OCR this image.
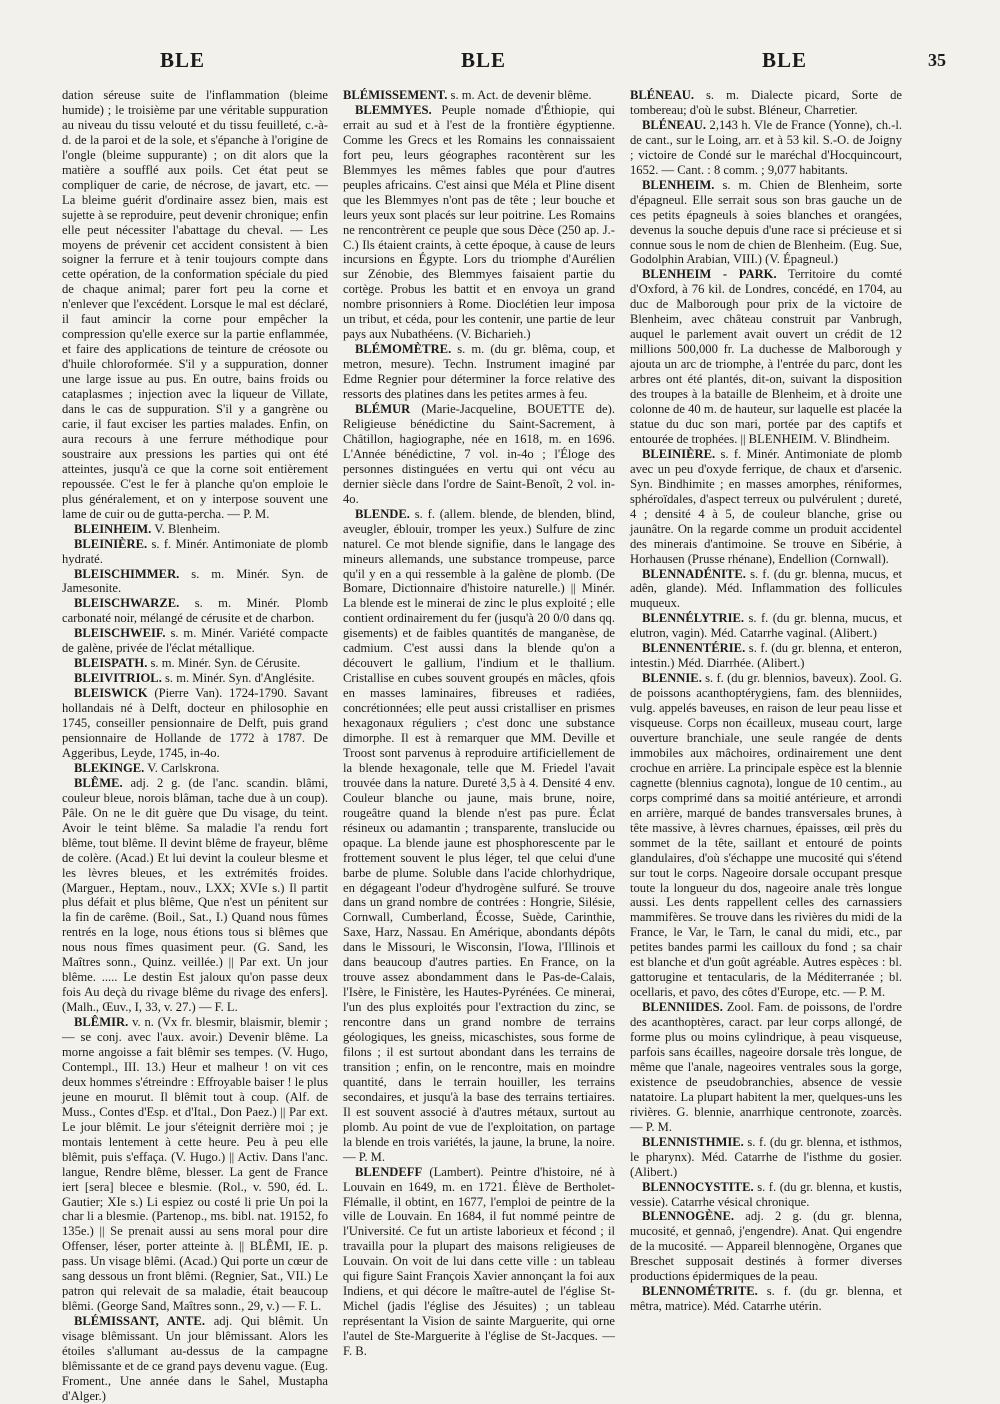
BLE	BLE	BLE	35

dation séreuse suite de l'inflammation (bleime humide) ; le troisième par une véritable suppuration au niveau du tissu velouté et du tissu feuilleté, c.-à-d. de la paroi et de la sole, et s'épanche à l'origine de l'ongle (bleime suppurante) ; on dit alors que la matière a soufflé aux poils. Cet état peut se compliquer de carie, de nécrose, de javart, etc. — La bleime guérit d'ordinaire assez bien, mais est sujette à se reproduire, peut devenir chronique; enfin elle peut nécessiter l'abattage du cheval. — Les moyens de prévenir cet accident consistent à bien soigner la ferrure et à tenir toujours compte dans cette opération, de la conformation spéciale du pied de chaque animal; parer fort peu la corne et n'enlever que l'excédent. Lorsque le mal est déclaré, il faut amincir la corne pour empêcher la compression qu'elle exerce sur la partie enflammée, et faire des applications de teinture de créosote ou d'huile chloroformée. S'il y a suppuration, donner une large issue au pus. En outre, bains froids ou cataplasmes ; injection avec la liqueur de Villate, dans le cas de suppuration. S'il y a gangrène ou carie, il faut exciser les parties malades. Enfin, on aura recours à une ferrure méthodique pour soustraire aux pressions les parties qui ont été atteintes, jusqu'à ce que la corne soit entièrement repoussée. C'est le fer à planche qu'on emploie le plus généralement, et on y interpose souvent une lame de cuir ou de gutta-percha. — P. M.

BLEINHEIM. V. Blenheim.

BLEINIÈRE. s. f. Minér. Antimoniate de plomb hydraté.

BLEISCHIMMER. s. m. Minér. Syn. de Jamesonite.

BLEISCHWARZE. s. m. Minér. Plomb carbonaté noir, mélangé de cérusite et de charbon.

BLEISCHWEIF. s. m. Minér. Variété compacte de galène, privée de l'éclat métallique.

BLEISPATH. s. m. Minér. Syn. de Cérusite.

BLEIVITRIOL. s. m. Minér. Syn. d'Anglésite.

BLEISWICK (Pierre Van). 1724-1790. Savant hollandais né à Delft, docteur en philosophie en 1745, conseiller pensionnaire de Delft, puis grand pensionnaire de Hollande de 1772 à 1787. De Aggeribus, Leyde, 1745, in-4o.

BLEKINGE. V. Carlskrona.

BLÊME. adj. 2 g. (de l'anc. scandin. blâmi, couleur bleue, norois blâman, tache due à un coup). Pâle. On ne le dit guère que Du visage, du teint. Avoir le teint blême. Sa maladie l'a rendu fort blême, tout blême. Il devint blême de frayeur, blême de colère. (Acad.) Et lui devint la couleur blesme et les lèvres bleues, et les extrémités froides. (Marguer., Heptam., nouv., LXX; XVIe s.) Il partit plus défait et plus blême, Que n'est un pénitent sur la fin de carême. (Boil., Sat., I.) Quand nous fûmes rentrés en la loge, nous étions tous si blêmes que nous nous fîmes quasiment peur. (G. Sand, les Maîtres sonn., Quinz. veillée.) || Par ext. Un jour blême. ..... Le destin Est jaloux qu'on passe deux fois Au deçà du rivage blême du rivage des enfers]. (Malh., Œuv., I, 33, v. 27.) — F. L.

BLÊMIR. v. n. (Vx fr. blesmir, blaismir, blemir ; — se conj. avec l'aux. avoir.) Devenir blême. La morne angoisse a fait blêmir ses tempes. (V. Hugo, Contempl., III. 13.) Heur et malheur ! on vit ces deux hommes s'étreindre : Effroyable baiser ! le plus jeune en mourut. Il blêmit tout à coup. (Alf. de Muss., Contes d'Esp. et d'Ital., Don Paez.) || Par ext. Le jour blêmit. Le jour s'éteignit derrière moi ; je montais lentement à cette heure. Peu à peu elle blêmit, puis s'effaça. (V. Hugo.) || Activ. Dans l'anc. langue, Rendre blême, blesser. La gent de France iert [sera] blecee e blesmie. (Rol., v. 590, éd. L. Gautier; XIe s.) Li espiez ou costé li prie Un poi la char li a blesmie. (Partenop., ms. bibl. nat. 19152, fo 135e.) || Se prenait aussi au sens moral pour dire Offenser, léser, porter atteinte à. || BLÊMI, IE. p. pass. Un visage blêmi. (Acad.) Qui porte un cœur de sang dessous un front blêmi. (Regnier, Sat., VII.) Le patron qui relevait de sa maladie, était beaucoup blêmi. (George Sand, Maîtres sonn., 29, v.) — F. L.

BLÉMISSANT, ANTE. adj. Qui blêmit. Un visage blêmissant. Un jour blêmissant. Alors les étoiles s'allumant au-dessus de la campagne blêmissante et de ce grand pays devenu vague. (Eug. Froment., Une année dans le Sahel, Mustapha d'Alger.)

BLÉMISSEMENT. s. m. Act. de devenir blême.

BLEMMYES. Peuple nomade d'Éthiopie, qui errait au sud et à l'est de la frontière égyptienne. Comme les Grecs et les Romains les connaissaient fort peu, leurs géographes racontèrent sur les Blemmyes les mêmes fables que pour d'autres peuples africains. C'est ainsi que Méla et Pline disent que les Blemmyes n'ont pas de tête ; leur bouche et leurs yeux sont placés sur leur poitrine. Les Romains ne rencontrèrent ce peuple que sous Dèce (250 ap. J.-C.) Ils étaient craints, à cette époque, à cause de leurs incursions en Égypte. Lors du triomphe d'Aurélien sur Zénobie, des Blemmyes faisaient partie du cortège. Probus les battit et en envoya un grand nombre prisonniers à Rome. Dioclétien leur imposa un tribut, et céda, pour les contenir, une partie de leur pays aux Nubathéens. (V. Bicharieh.)

BLÉMOMÈTRE. s. m. (du gr. blêma, coup, et metron, mesure). Techn. Instrument imaginé par Edme Regnier pour déterminer la force relative des ressorts des platines dans les petites armes à feu.

BLÉMUR (Marie-Jacqueline, BOUETTE de). Religieuse bénédictine du Saint-Sacrement, à Châtillon, hagiographe, née en 1618, m. en 1696. L'Année bénédictine, 7 vol. in-4o ; l'Éloge des personnes distinguées en vertu qui ont vécu au dernier siècle dans l'ordre de Saint-Benoît, 2 vol. in-4o.

BLENDE. s. f. (allem. blende, de blenden, blind, aveugler, éblouir, tromper les yeux.) Sulfure de zinc naturel. Ce mot blende signifie, dans le langage des mineurs allemands, une substance trompeuse, parce qu'il y en a qui ressemble à la galène de plomb. (De Bomare, Dictionnaire d'histoire naturelle.) || Minér. La blende est le minerai de zinc le plus exploité ; elle contient ordinairement du fer (jusqu'à 20 0/0 dans qq. gisements) et de faibles quantités de manganèse, de cadmium. C'est aussi dans la blende qu'on a découvert le gallium, l'indium et le thallium. Cristallise en cubes souvent groupés en mâcles, qfois en masses laminaires, fibreuses et radiées, concrétionnées; elle peut aussi cristalliser en prismes hexagonaux réguliers ; c'est donc une substance dimorphe. Il est à remarquer que MM. Deville et Troost sont parvenus à reproduire artificiellement de la blende hexagonale, telle que M. Friedel l'avait trouvée dans la nature. Dureté 3,5 à 4. Densité 4 env. Couleur blanche ou jaune, mais brune, noire, rougeâtre quand la blende n'est pas pure. Éclat résineux ou adamantin ; transparente, translucide ou opaque. La blende jaune est phosphorescente par le frottement souvent le plus léger, tel que celui d'une barbe de plume. Soluble dans l'acide chlorhydrique, en dégageant l'odeur d'hydrogène sulfuré. Se trouve dans un grand nombre de contrées : Hongrie, Silésie, Cornwall, Cumberland, Écosse, Suède, Carinthie, Saxe, Harz, Nassau. En Amérique, abondants dépôts dans le Missouri, le Wisconsin, l'Iowa, l'Illinois et dans beaucoup d'autres parties. En France, on la trouve assez abondamment dans le Pas-de-Calais, l'Isère, le Finistère, les Hautes-Pyrénées. Ce minerai, l'un des plus exploités pour l'extraction du zinc, se rencontre dans un grand nombre de terrains géologiques, les gneiss, micaschistes, sous forme de filons ; il est surtout abondant dans les terrains de transition ; enfin, on le rencontre, mais en moindre quantité, dans le terrain houiller, les terrains secondaires, et jusqu'à la base des terrains tertiaires. Il est souvent associé à d'autres métaux, surtout au plomb. Au point de vue de l'exploitation, on partage la blende en trois variétés, la jaune, la brune, la noire. — P. M.

BLENDEFF (Lambert). Peintre d'histoire, né à Louvain en 1649, m. en 1721. Élève de Bertholet-Flémalle, il obtint, en 1677, l'emploi de peintre de la ville de Louvain. En 1684, il fut nommé peintre de l'Université. Ce fut un artiste laborieux et fécond ; il travailla pour la plupart des maisons religieuses de Louvain. On voit de lui dans cette ville : un tableau qui figure Saint François Xavier annonçant la foi aux Indiens, et qui décore le maître-autel de l'église St-Michel (jadis l'église des Jésuites) ; un tableau représentant la Vision de sainte Marguerite, qui orne l'autel de Ste-Marguerite à l'église de St-Jacques. — F. B.

BLÉNEAU. s. m. Dialecte picard, Sorte de tombereau; d'où le subst. Bléneur, Charretier.

BLÉNEAU. 2,143 h. Vle de France (Yonne), ch.-l. de cant., sur le Loing, arr. et à 53 kil. S.-O. de Joigny ; victoire de Condé sur le maréchal d'Hocquincourt, 1652. — Cant. : 8 comm. ; 9,077 habitants.

BLENHEIM. s. m. Chien de Blenheim, sorte d'épagneul. Elle serrait sous son bras gauche un de ces petits épagneuls à soies blanches et orangées, devenus la souche depuis d'une race si précieuse et si connue sous le nom de chien de Blenheim. (Eug. Sue, Godolphin Arabian, VIII.) (V. Épagneul.)

BLENHEIM - PARK. Territoire du comté d'Oxford, à 76 kil. de Londres, concédé, en 1704, au duc de Malborough pour prix de la victoire de Blenheim, avec château construit par Vanbrugh, auquel le parlement avait ouvert un crédit de 12 millions 500,000 fr. La duchesse de Malborough y ajouta un arc de triomphe, à l'entrée du parc, dont les arbres ont été plantés, dit-on, suivant la disposition des troupes à la bataille de Blenheim, et à droite une colonne de 40 m. de hauteur, sur laquelle est placée la statue du duc son mari, portée par des captifs et entourée de trophées. || BLENHEIM. V. Blindheim.

BLEINIÈRE. s. f. Minér. Antimoniate de plomb avec un peu d'oxyde ferrique, de chaux et d'arsenic. Syn. Bindhimite ; en masses amorphes, réniformes, sphéroïdales, d'aspect terreux ou pulvérulent ; dureté, 4 ; densité 4 à 5, de couleur blanche, grise ou jaunâtre. On la regarde comme un produit accidentel des minerais d'antimoine. Se trouve en Sibérie, à Horhausen (Prusse rhénane), Endellion (Cornwall).

BLENNADÉNITE. s. f. (du gr. blenna, mucus, et adên, glande). Méd. Inflammation des follicules muqueux.

BLENNÉLYTRIE. s. f. (du gr. blenna, mucus, et elutron, vagin). Méd. Catarrhe vaginal. (Alibert.)

BLENNENTÉRIE. s. f. (du gr. blenna, et enteron, intestin.) Méd. Diarrhée. (Alibert.)

BLENNIE. s. f. (du gr. blennios, baveux). Zool. G. de poissons acanthoptérygiens, fam. des blenniides, vulg. appelés baveuses, en raison de leur peau lisse et visqueuse. Corps non écailleux, museau court, large ouverture branchiale, une seule rangée de dents immobiles aux mâchoires, ordinairement une dent crochue en arrière. La principale espèce est la blennie cagnette (blennius cagnota), longue de 10 centim., au corps comprimé dans sa moitié antérieure, et arrondi en arrière, marqué de bandes transversales brunes, à tête massive, à lèvres charnues, épaisses, œil près du sommet de la tête, saillant et entouré de points glandulaires, d'où s'échappe une mucosité qui s'étend sur tout le corps. Nageoire dorsale occupant presque toute la longueur du dos, nageoire anale très longue aussi. Les dents rappellent celles des carnassiers mammifères. Se trouve dans les rivières du midi de la France, le Var, le Tarn, le canal du midi, etc., par petites bandes parmi les cailloux du fond ; sa chair est blanche et d'un goût agréable. Autres espèces : bl. gattorugine et tentacularis, de la Méditerranée ; bl. ocellaris, et pavo, des côtes d'Europe, etc. — P. M.

BLENNIIDES. Zool. Fam. de poissons, de l'ordre des acanthoptères, caract. par leur corps allongé, de forme plus ou moins cylindrique, à peau visqueuse, parfois sans écailles, nageoire dorsale très longue, de même que l'anale, nageoires ventrales sous la gorge, existence de pseudobranchies, absence de vessie natatoire. La plupart habitent la mer, quelques-uns les rivières. G. blennie, anarrhique centronote, zoarcès. — P. M.

BLENNISTHMIE. s. f. (du gr. blenna, et isthmos, le pharynx). Méd. Catarrhe de l'isthme du gosier. (Alibert.)

BLENNOCYSTITE. s. f. (du gr. blenna, et kustis, vessie). Catarrhe vésical chronique.

BLENNOGÈNE. adj. 2 g. (du gr. blenna, mucosité, et gennaô, j'engendre). Anat. Qui engendre de la mucosité. — Appareil blennogène, Organes que Breschet supposait destinés à former diverses productions épidermiques de la peau.

BLENNOMÉTRITE. s. f. (du gr. blenna, et mêtra, matrice). Méd. Catarrhe utérin.
